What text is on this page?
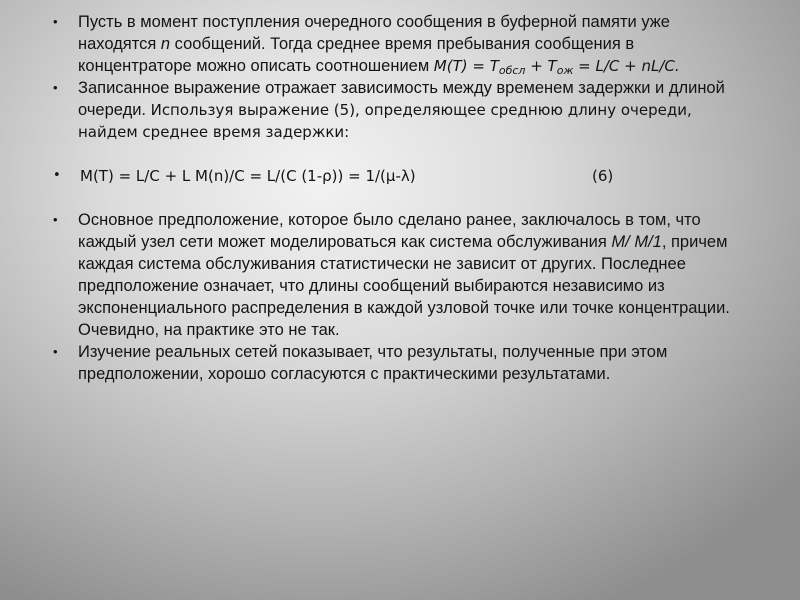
• Пусть в момент поступления очередного сообщения в буферной памяти уже находятся n сообщений. Тогда среднее время пребывания сообщения в концентраторе можно описать соотношением $M(T) = T_{обсл} + T_{ож} = L/C + nL/C$.
• Записанное выражение отражает зависимость между временем задержки и длиной очереди. Используя выражение (5), определяющее среднюю длину очереди, найдем среднее время задержки:
• M(T) = L/C + L M(n)/C = L/(C (1-ρ)) = 1/(μ-λ)	(6)
• Основное предположение, которое было сделано ранее, заключалось в том, что каждый узел сети может моделироваться как система обслуживания M/ M/1, причем каждая система обслуживания статистически не зависит от других. Последнее предположение означает, что длины сообщений выбираются независимо из экспоненциального распределения в каждой узловой точке или точке концентрации. Очевидно, на практике это не так.
• Изучение реальных сетей показывает, что результаты, полученные при этом предположении, хорошо согласуются с практическими результатами.
